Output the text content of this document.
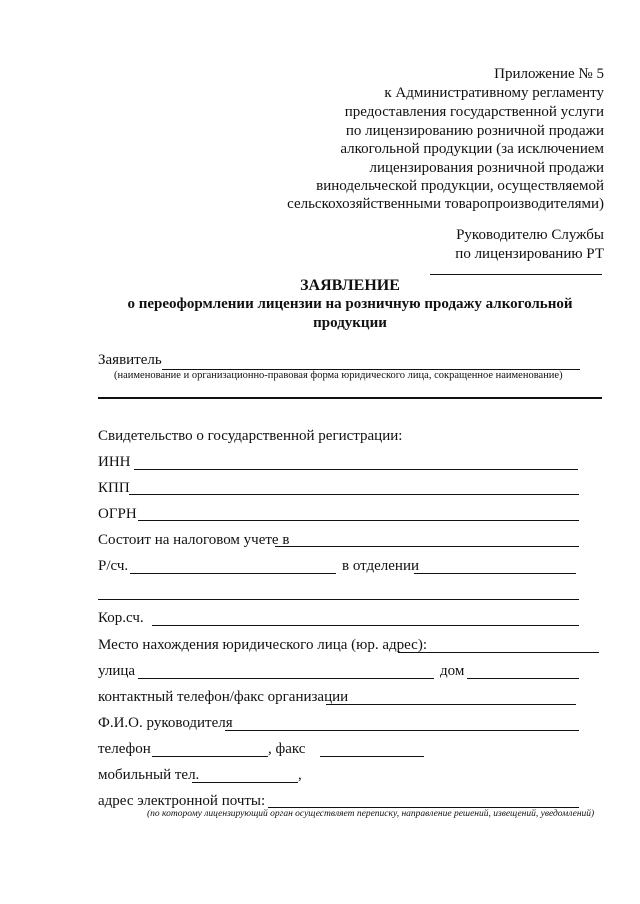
Приложение № 5
к Административному регламенту
предоставления государственной услуги
по лицензированию розничной продажи
алкогольной продукции (за исключением
лицензирования розничной продажи
винодельческой продукции, осуществляемой
сельскохозяйственными товаропроизводителями)
Руководителю Службы
по лицензированию РТ
ЗАЯВЛЕНИЕ
о переоформлении лицензии на розничную продажу алкогольной
продукции
Заявитель
(наименование и организационно-правовая форма юридического лица, сокращенное наименование)
Свидетельство о государственной регистрации:
ИНН
КПП
ОГРН
Состоит на налоговом учете в
Р/сч.	в отделении
Кор.сч.
Место нахождения юридического лица (юр. адрес):
улица	дом
контактный телефон/факс организации
Ф.И.О. руководителя
телефон	, факс
мобильный тел.	,
адрес электронной почты:
(по которому лицензирующий орган осуществляет переписку, направление решений, извещений, уведомлений)
